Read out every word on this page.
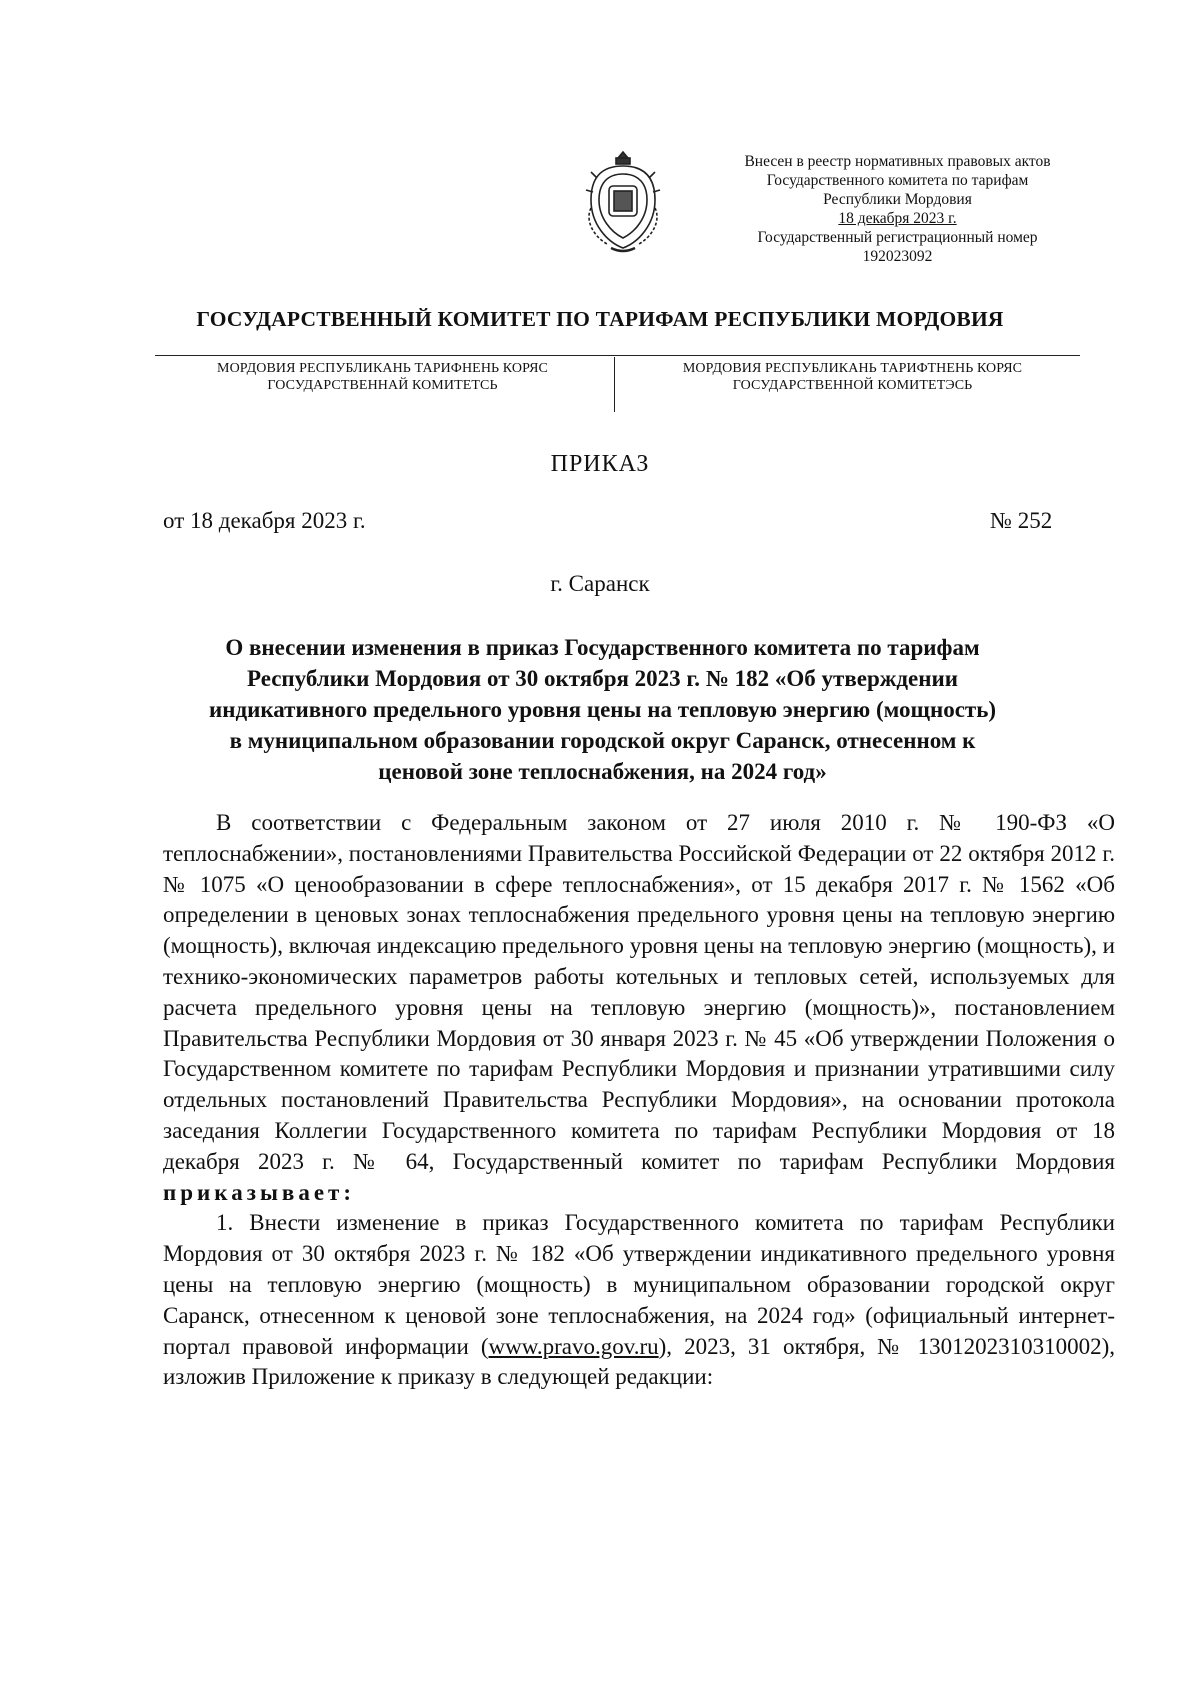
Внесен в реестр нормативных правовых актов
Государственного комитета по тарифам
Республики Мордовия
18 декабря 2023 г.
Государственный регистрационный номер
192023092
ГОСУДАРСТВЕННЫЙ КОМИТЕТ ПО ТАРИФАМ РЕСПУБЛИКИ МОРДОВИЯ
МОРДОВИЯ РЕСПУБЛИКАНЬ ТАРИФНЕНЬ КОРЯС
ГОСУДАРСТВЕННАЙ КОМИТЕТСЬ
МОРДОВИЯ РЕСПУБЛИКАНЬ ТАРИФТНЕНЬ КОРЯС
ГОСУДАРСТВЕННОЙ КОМИТЕТЭСЬ
ПРИКАЗ
от 18 декабря 2023 г.	№ 252
г. Саранск
О внесении изменения в приказ Государственного комитета по тарифам
Республики Мордовия от 30 октября 2023 г. № 182 «Об утверждении
индикативного предельного уровня цены на тепловую энергию (мощность)
в муниципальном образовании городской округ Саранск, отнесенном к
ценовой зоне теплоснабжения, на 2024 год»

В соответствии с Федеральным законом от 27 июля 2010 г. № 190-ФЗ «О теплоснабжении», постановлениями Правительства Российской Федерации от 22 октября 2012 г. № 1075 «О ценообразовании в сфере теплоснабжения», от 15 декабря 2017 г. № 1562 «Об определении в ценовых зонах теплоснабжения предельного уровня цены на тепловую энергию (мощность), включая индексацию предельного уровня цены на тепловую энергию (мощность), и технико-экономических параметров работы котельных и тепловых сетей, используемых для расчета предельного уровня цены на тепловую энергию (мощность)», постановлением Правительства Республики Мордовия от 30 января 2023 г. № 45 «Об утверждении Положения о Государственном комитете по тарифам Республики Мордовия и признании утратившими силу отдельных постановлений Правительства Республики Мордовия», на основании протокола заседания Коллегии Государственного комитета по тарифам Республики Мордовия от 18 декабря 2023 г. № 64, Государственный комитет по тарифам Республики Мордовия приказывает:

1. Внести изменение в приказ Государственного комитета по тарифам Республики Мордовия от 30 октября 2023 г. № 182 «Об утверждении индикативного предельного уровня цены на тепловую энергию (мощность) в муниципальном образовании городской округ Саранск, отнесенном к ценовой зоне теплоснабжения, на 2024 год» (официальный интернет-портал правовой информации (www.pravo.gov.ru), 2023, 31 октября, № 1301202310310002), изложив Приложение к приказу в следующей редакции:
